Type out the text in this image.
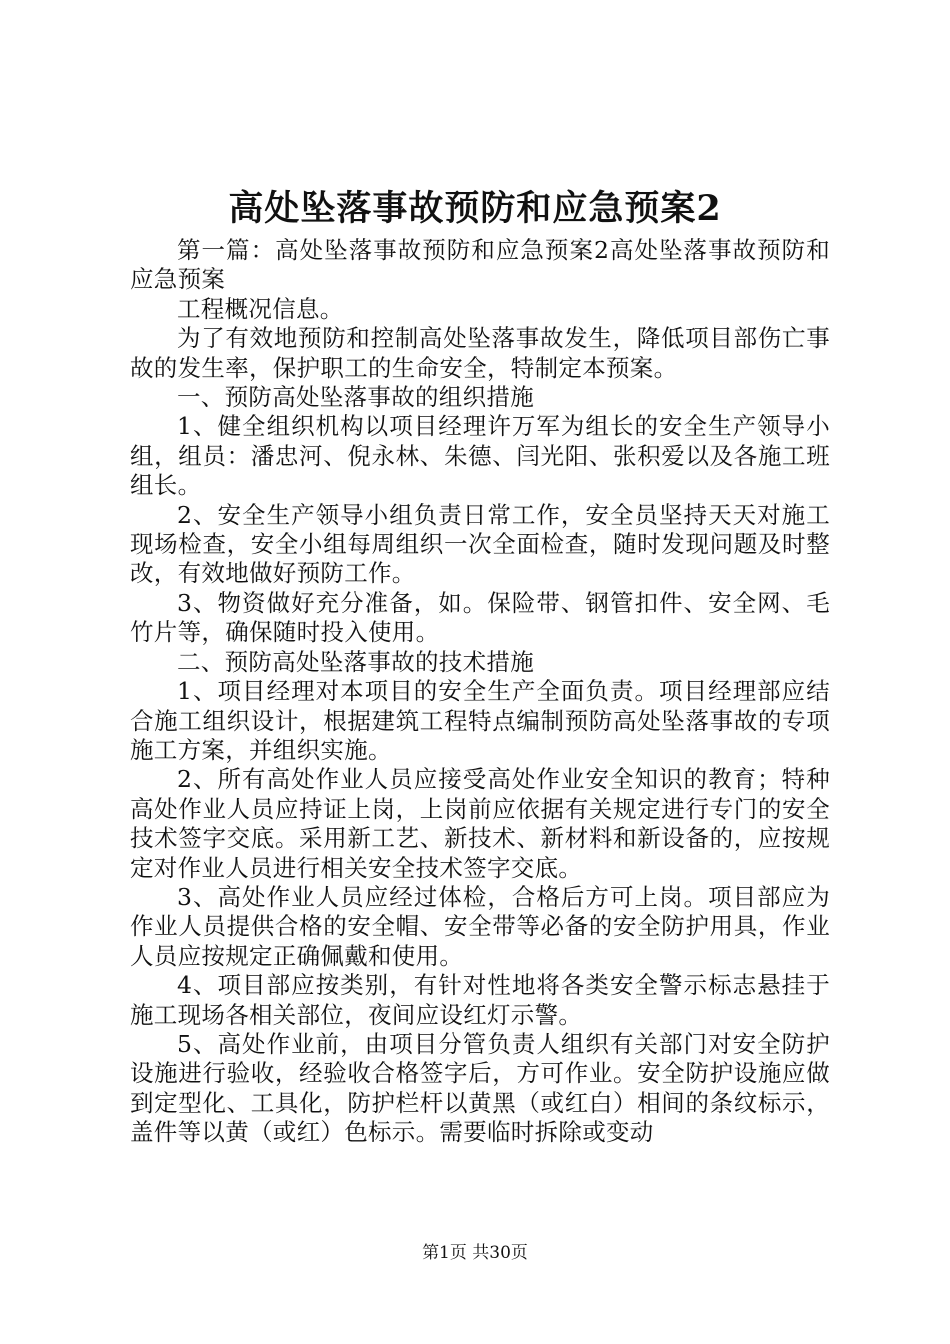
高处坠落事故预防和应急预案2

第一篇：高处坠落事故预防和应急预案2高处坠落事故预防和应急预案

工程概况信息。

为了有效地预防和控制高处坠落事故发生，降低项目部伤亡事故的发生率，保护职工的生命安全，特制定本预案。

一、预防高处坠落事故的组织措施

1、健全组织机构以项目经理许万军为组长的安全生产领导小组，组员：潘忠河、倪永林、朱德、闫光阳、张积爱以及各施工班组长。

2、安全生产领导小组负责日常工作，安全员坚持天天对施工现场检查，安全小组每周组织一次全面检查，随时发现问题及时整改，有效地做好预防工作。

3、物资做好充分准备，如。保险带、钢管扣件、安全网、毛竹片等，确保随时投入使用。

二、预防高处坠落事故的技术措施

1、项目经理对本项目的安全生产全面负责。项目经理部应结合施工组织设计，根据建筑工程特点编制预防高处坠落事故的专项施工方案，并组织实施。

2、所有高处作业人员应接受高处作业安全知识的教育；特种高处作业人员应持证上岗，上岗前应依据有关规定进行专门的安全技术签字交底。采用新工艺、新技术、新材料和新设备的，应按规定对作业人员进行相关安全技术签字交底。

3、高处作业人员应经过体检，合格后方可上岗。项目部应为作业人员提供合格的安全帽、安全带等必备的安全防护用具，作业人员应按规定正确佩戴和使用。

4、项目部应按类别，有针对性地将各类安全警示标志悬挂于施工现场各相关部位，夜间应设红灯示警。

5、高处作业前，由项目分管负责人组织有关部门对安全防护设施进行验收，经验收合格签字后，方可作业。安全防护设施应做到定型化、工具化，防护栏杆以黄黑（或红白）相间的条纹标示，盖件等以黄（或红）色标示。需要临时拆除或变动

第1页 共30页
